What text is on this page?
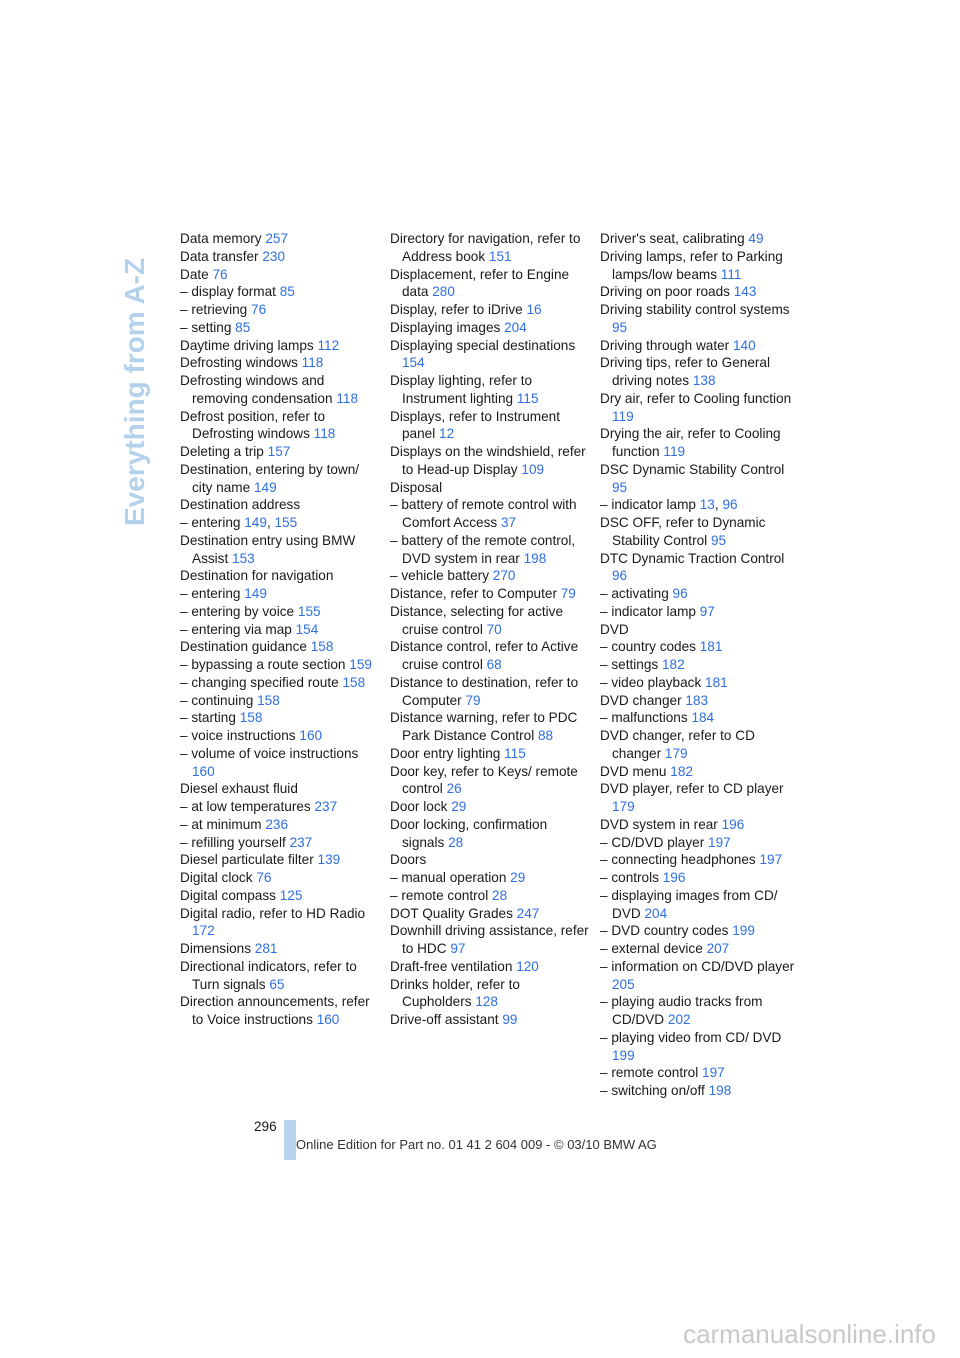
Everything from A-Z
Data memory 257
Data transfer 230
Date 76
– display format 85
– retrieving 76
– setting 85
Daytime driving lamps 112
Defrosting windows 118
Defrosting windows and removing condensation 118
Defrost position, refer to Defrosting windows 118
Deleting a trip 157
Destination, entering by town/ city name 149
Destination address
– entering 149, 155
Destination entry using BMW Assist 153
Destination for navigation
– entering 149
– entering by voice 155
– entering via map 154
Destination guidance 158
– bypassing a route section 159
– changing specified route 158
– continuing 158
– starting 158
– voice instructions 160
– volume of voice instructions 160
Diesel exhaust fluid
– at low temperatures 237
– at minimum 236
– refilling yourself 237
Diesel particulate filter 139
Digital clock 76
Digital compass 125
Digital radio, refer to HD Radio 172
Dimensions 281
Directional indicators, refer to Turn signals 65
Direction announcements, refer to Voice instructions 160
Directory for navigation, refer to Address book 151
Displacement, refer to Engine data 280
Display, refer to iDrive 16
Displaying images 204
Displaying special destinations 154
Display lighting, refer to Instrument lighting 115
Displays, refer to Instrument panel 12
Displays on the windshield, refer to Head-up Display 109
Disposal
– battery of remote control with Comfort Access 37
– battery of the remote control, DVD system in rear 198
– vehicle battery 270
Distance, refer to Computer 79
Distance, selecting for active cruise control 70
Distance control, refer to Active cruise control 68
Distance to destination, refer to Computer 79
Distance warning, refer to PDC Park Distance Control 88
Door entry lighting 115
Door key, refer to Keys/ remote control 26
Door lock 29
Door locking, confirmation signals 28
Doors
– manual operation 29
– remote control 28
DOT Quality Grades 247
Downhill driving assistance, refer to HDC 97
Draft-free ventilation 120
Drinks holder, refer to Cupholders 128
Drive-off assistant 99
Driver's seat, calibrating 49
Driving lamps, refer to Parking lamps/low beams 111
Driving on poor roads 143
Driving stability control systems 95
Driving through water 140
Driving tips, refer to General driving notes 138
Dry air, refer to Cooling function 119
Drying the air, refer to Cooling function 119
DSC Dynamic Stability Control 95
– indicator lamp 13, 96
DSC OFF, refer to Dynamic Stability Control 95
DTC Dynamic Traction Control 96
– activating 96
– indicator lamp 97
DVD
– country codes 181
– settings 182
– video playback 181
DVD changer 183
– malfunctions 184
DVD changer, refer to CD changer 179
DVD menu 182
DVD player, refer to CD player 179
DVD system in rear 196
– CD/DVD player 197
– connecting headphones 197
– controls 196
– displaying images from CD/ DVD 204
– DVD country codes 199
– external device 207
– information on CD/DVD player 205
– playing audio tracks from CD/DVD 202
– playing video from CD/ DVD 199
– remote control 197
– switching on/off 198
296
Online Edition for Part no. 01 41 2 604 009 - © 03/10 BMW AG
carmanualsonline.info
